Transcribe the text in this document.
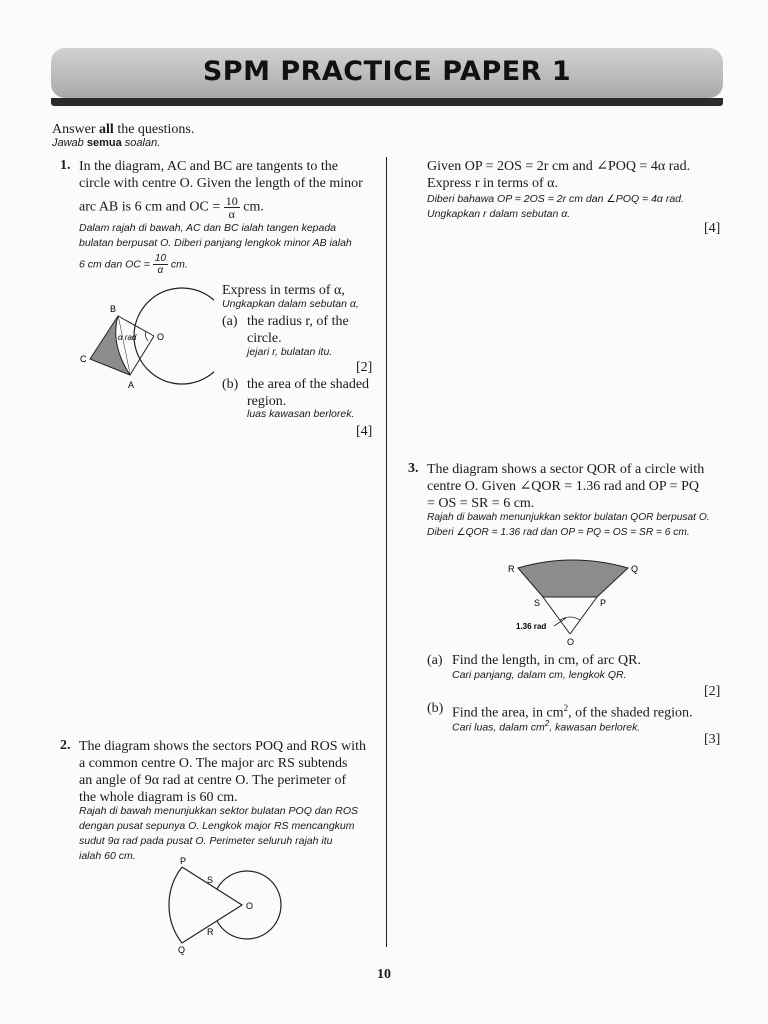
SPM PRACTICE PAPER 1
Answer all the questions.
Jawab semua soalan.
1. In the diagram, AC and BC are tangents to the
circle with centre O. Given the length of the minor
arc AB is 6 cm and OC = $\frac{10}{\alpha}$ cm.
Dalam rajah di bawah, AC dan BC ialah tangen kepada
bulatan berpusat O. Diberi panjang lengkok minor AB ialah
6 cm dan OC = $\frac{10}{\alpha}$ cm.
B
C
A
O
α rad
Express in terms of α,
Ungkapkan dalam sebutan α,
(a) the radius r, of the
circle.
jejari r, bulatan itu.
[2]
(b) the area of the shaded
region.
luas kawasan berlorek.
[4]
Given OP = 2OS = 2r cm and ∠POQ = 4α rad.
Express r in terms of α.
Diberi bahawa OP = 2OS = 2r cm dan ∠POQ = 4α rad.
Ungkapkan r dalam sebutan α.
[4]
2. The diagram shows the sectors POQ and ROS with
a common centre O. The major arc RS subtends
an angle of 9α rad at centre O. The perimeter of
the whole diagram is 60 cm.
Rajah di bawah menunjukkan sektor bulatan POQ dan ROS
dengan pusat sepunya O. Lengkok major RS mencangkum
sudut 9α rad pada pusat O. Perimeter seluruh rajah itu
ialah 60 cm.	P
S
O
R
Q
3. The diagram shows a sector QOR of a circle with
centre O. Given ∠QOR = 1.36 rad and OP = PQ
= OS = SR = 6 cm.
Rajah di bawah menunjukkan sektor bulatan QOR berpusat O.
Diberi ∠QOR = 1.36 rad dan OP = PQ = OS = SR = 6 cm.
R	Q
S	P
O
1.36 rad
(a) Find the length, in cm, of arc QR.
Cari panjang, dalam cm, lengkok QR.
[2]
(b) Find the area, in $cm^2$, of the shaded region.
Cari luas, dalam $cm^2$, kawasan berlorek.
[3]
10
